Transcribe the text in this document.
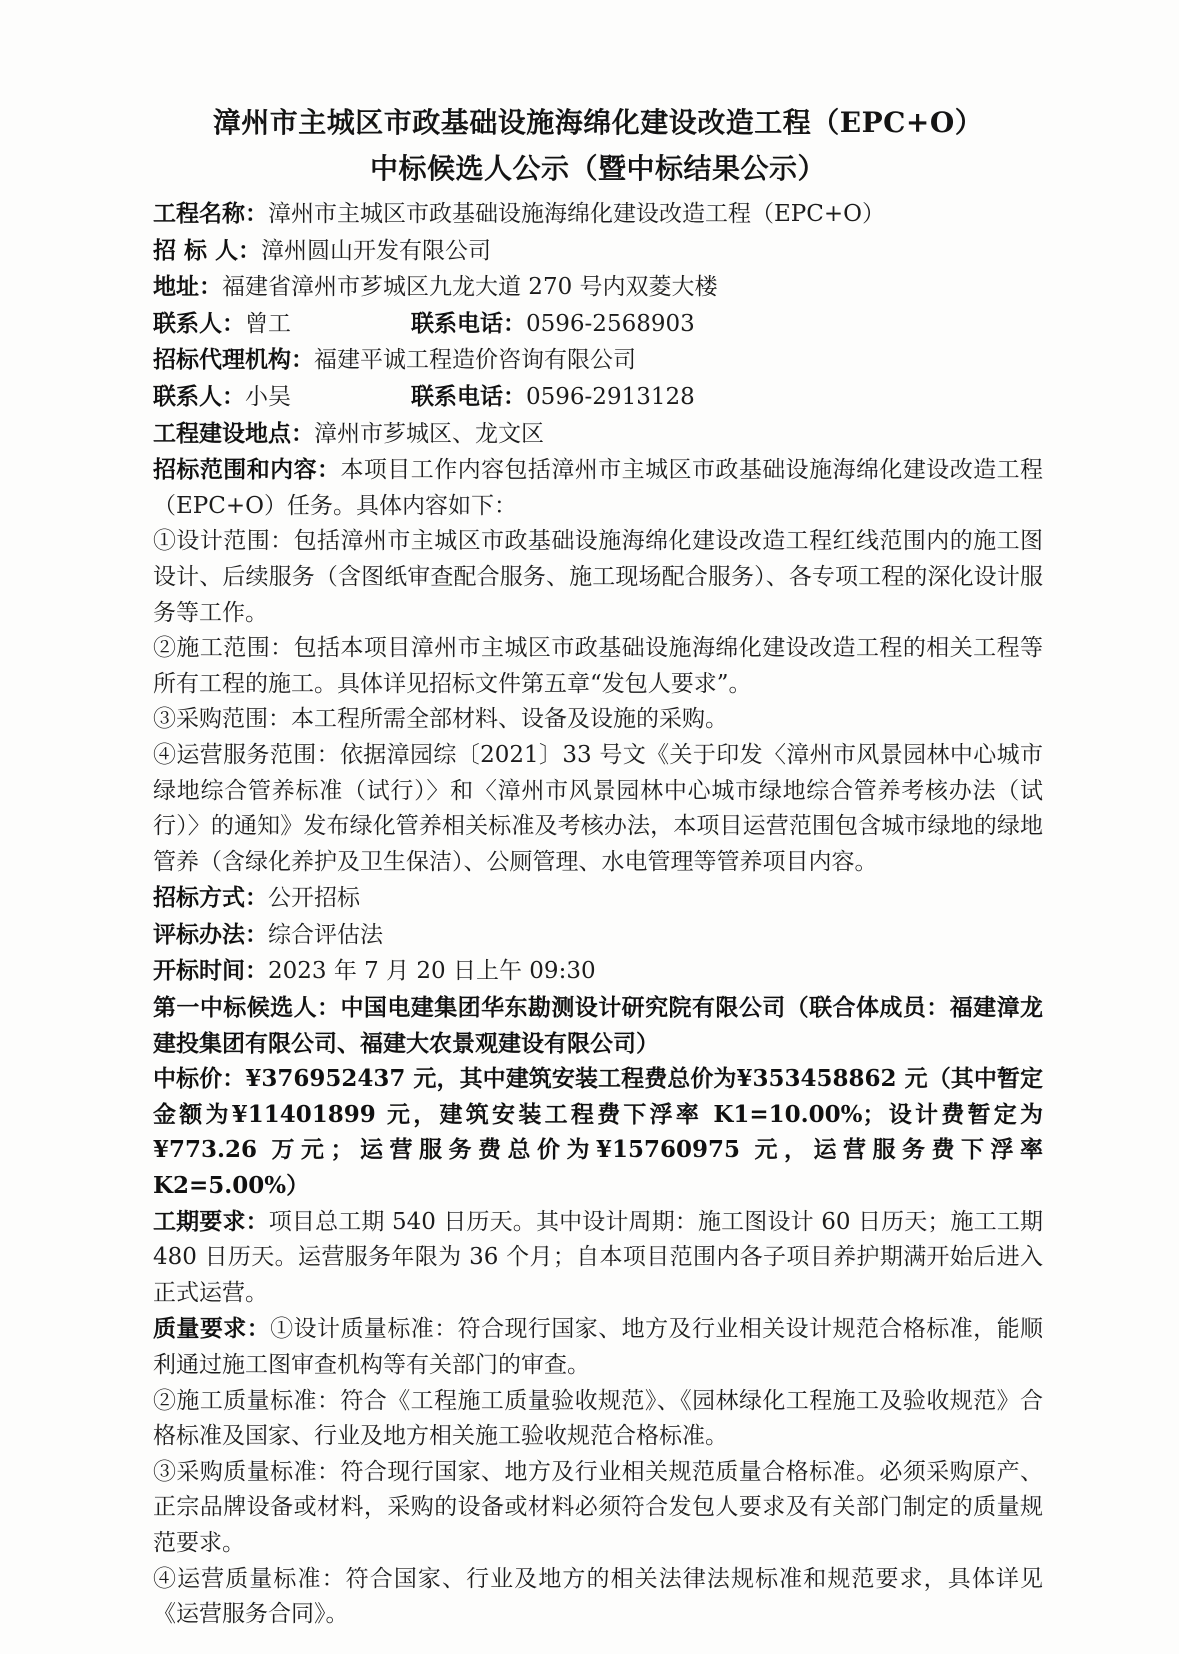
漳州市主城区市政基础设施海绵化建设改造工程（EPC+O）
中标候选人公示（暨中标结果公示）

工程名称：漳州市主城区市政基础设施海绵化建设改造工程（EPC+O）

招 标 人：漳州圆山开发有限公司

地址：福建省漳州市芗城区九龙大道 270 号内双菱大楼

联系人：曾工	联系电话：0596-2568903

招标代理机构：福建平诚工程造价咨询有限公司

联系人：小吴	联系电话：0596-2913128

工程建设地点：漳州市芗城区、龙文区

招标范围和内容：本项目工作内容包括漳州市主城区市政基础设施海绵化建设改造工程（EPC+O）任务。具体内容如下：

①设计范围：包括漳州市主城区市政基础设施海绵化建设改造工程红线范围内的施工图设计、后续服务（含图纸审查配合服务、施工现场配合服务）、各专项工程的深化设计服务等工作。

②施工范围：包括本项目漳州市主城区市政基础设施海绵化建设改造工程的相关工程等所有工程的施工。具体详见招标文件第五章“发包人要求”。

③采购范围：本工程所需全部材料、设备及设施的采购。

④运营服务范围：依据漳园综〔2021〕33 号文《关于印发〈漳州市风景园林中心城市 绿地综合管养标准（试行）〉和〈漳州市风景园林中心城市绿地综合管养考核办法（试行）〉的通知》发布绿化管养相关标准及考核办法，本项目运营范围包含城市绿地的绿地管养（含绿化养护及卫生保洁）、公厕管理、水电管理等管养项目内容。

招标方式：公开招标

评标办法：综合评估法

开标时间：2023 年 7 月 20 日上午 09:30

第一中标候选人：中国电建集团华东勘测设计研究院有限公司（联合体成员：福建漳龙建投集团有限公司、福建大农景观建设有限公司）

中标价：¥376952437 元，其中建筑安装工程费总价为¥353458862 元（其中暂定金额为¥11401899 元，建筑安装工程费下浮率 K1=10.00%；设计费暂定为¥773.26 万元；运营服务费总价为¥15760975 元，运营服务费下浮率 K2=5.00%）

工期要求：项目总工期 540 日历天。其中设计周期：施工图设计 60 日历天；施工工期 480 日历天。运营服务年限为 36 个月；自本项目范围内各子项目养护期满开始后进入正式运营。

质量要求：①设计质量标准：符合现行国家、地方及行业相关设计规范合格标准，能顺利通过施工图审查机构等有关部门的审查。

②施工质量标准：符合《工程施工质量验收规范》、《园林绿化工程施工及验收规范》合格标准及国家、行业及地方相关施工验收规范合格标准。

③采购质量标准：符合现行国家、地方及行业相关规范质量合格标准。必须采购原产、正宗品牌设备或材料，采购的设备或材料必须符合发包人要求及有关部门制定的质量规范要求。

④运营质量标准：符合国家、行业及地方的相关法律法规标准和规范要求，具体详见《运营服务合同》。
